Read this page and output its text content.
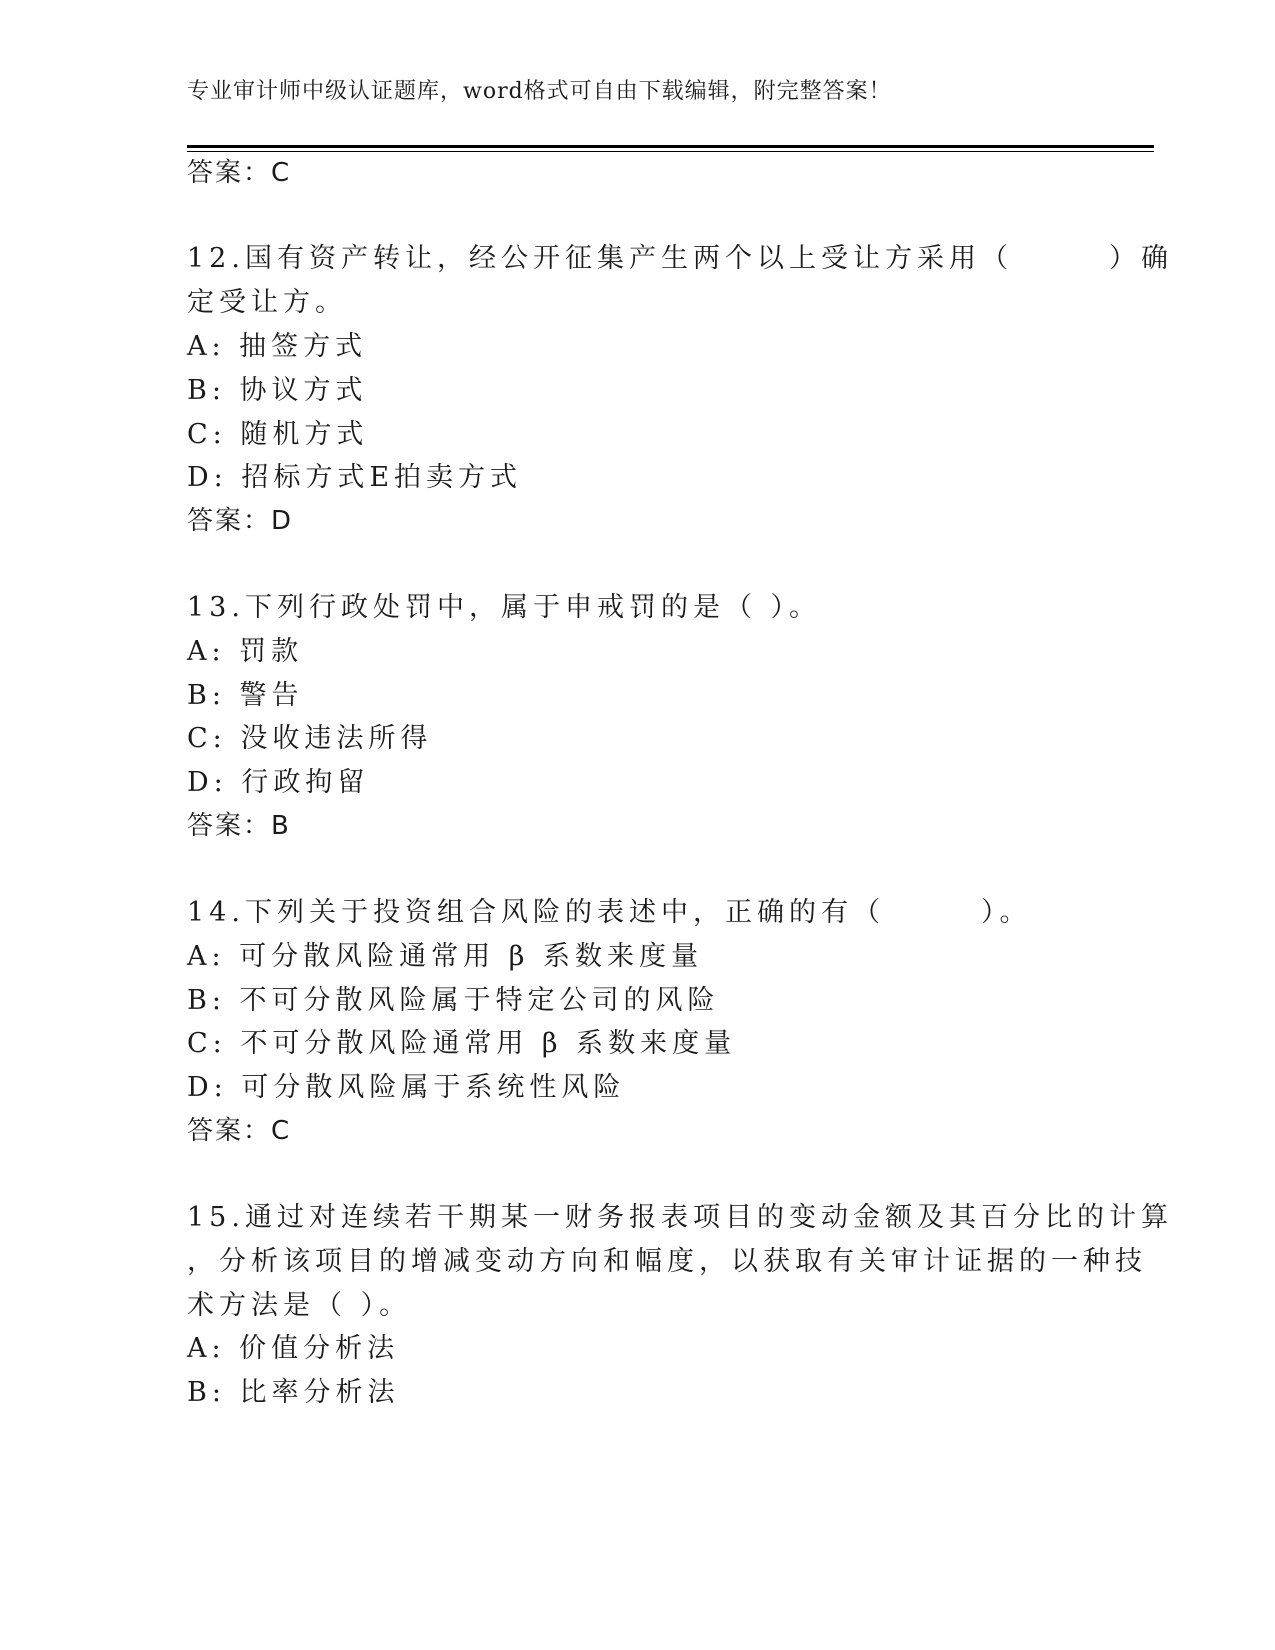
专业审计师中级认证题库，word格式可自由下载编辑，附完整答案！
答案：C
12.国有资产转让，经公开征集产生两个以上受让方采用（　　　）确
定受让方。
A: 抽签方式
B: 协议方式
C: 随机方式
D: 招标方式E拍卖方式
答案：D
13.下列行政处罚中，属于申戒罚的是（ ）。
A: 罚款
B: 警告
C: 没收违法所得
D: 行政拘留
答案：B
14.下列关于投资组合风险的表述中，正确的有（　　　）。
A: 可分散风险通常用 β 系数来度量
B: 不可分散风险属于特定公司的风险
C: 不可分散风险通常用 β 系数来度量
D: 可分散风险属于系统性风险
答案：C
15.通过对连续若干期某一财务报表项目的变动金额及其百分比的计算
，分析该项目的增减变动方向和幅度，以获取有关审计证据的一种技
术方法是（ ）。
A: 价值分析法
B: 比率分析法
